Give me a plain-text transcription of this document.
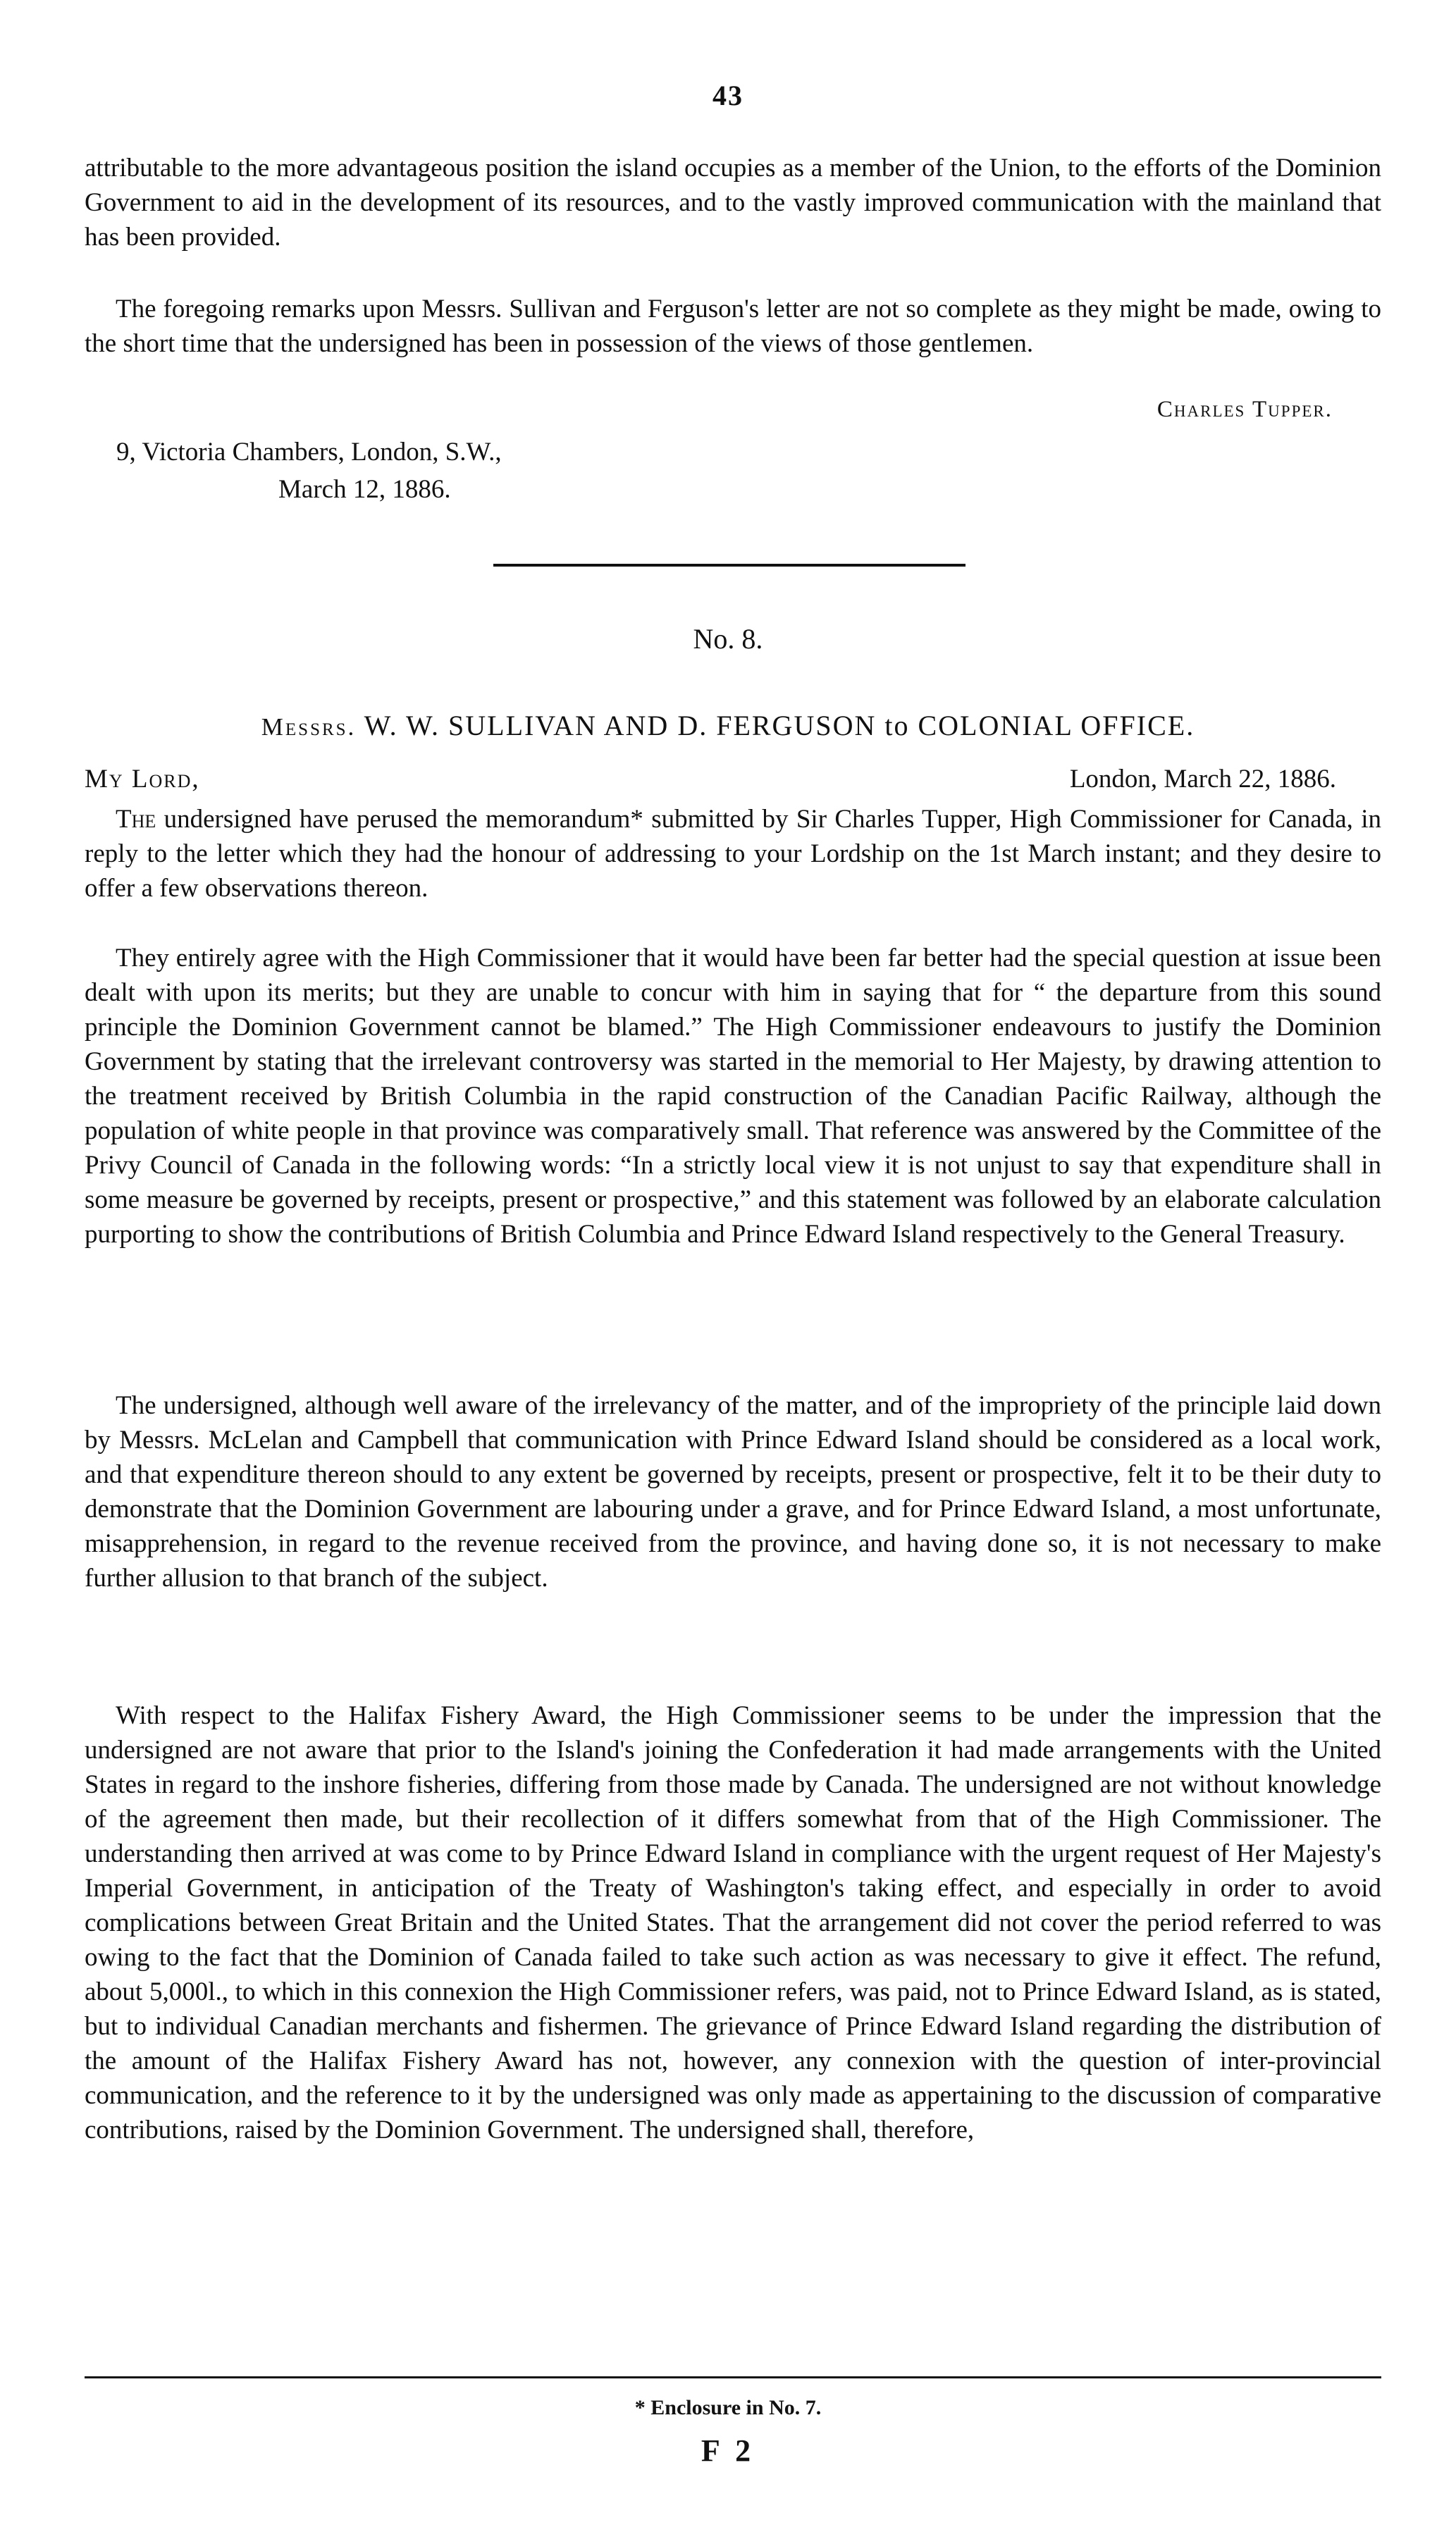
43

attributable to the more advantageous position the island occupies as a member of the Union, to the efforts of the Dominion Government to aid in the development of its resources, and to the vastly improved communication with the mainland that has been provided.

The foregoing remarks upon Messrs. Sullivan and Ferguson's letter are not so complete as they might be made, owing to the short time that the undersigned has been in possession of the views of those gentlemen.

Charles Tupper.
9, Victoria Chambers, London, S.W.,
March 12, 1886.
No. 8.
Messrs. W. W. SULLIVAN AND D. FERGUSON to COLONIAL OFFICE.
My Lord,	London, March 22, 1886.

The undersigned have perused the memorandum* submitted by Sir Charles Tupper, High Commissioner for Canada, in reply to the letter which they had the honour of addressing to your Lordship on the 1st March instant; and they desire to offer a few observations thereon.

They entirely agree with the High Commissioner that it would have been far better had the special question at issue been dealt with upon its merits; but they are unable to concur with him in saying that for “ the departure from this sound principle the Dominion Government cannot be blamed.” The High Commissioner endeavours to justify the Dominion Government by stating that the irrelevant controversy was started in the memorial to Her Majesty, by drawing attention to the treatment received by British Columbia in the rapid construction of the Canadian Pacific Railway, although the population of white people in that province was comparatively small. That reference was answered by the Committee of the Privy Council of Canada in the following words: “In a strictly local view it is not unjust to say that expenditure shall in some measure be governed by receipts, present or prospective,” and this statement was followed by an elaborate calculation purporting to show the contributions of British Columbia and Prince Edward Island respectively to the General Treasury.

The undersigned, although well aware of the irrelevancy of the matter, and of the impropriety of the principle laid down by Messrs. McLelan and Campbell that communication with Prince Edward Island should be considered as a local work, and that expenditure thereon should to any extent be governed by receipts, present or prospective, felt it to be their duty to demonstrate that the Dominion Government are labouring under a grave, and for Prince Edward Island, a most unfortunate, misapprehension, in regard to the revenue received from the province, and having done so, it is not necessary to make further allusion to that branch of the subject.

With respect to the Halifax Fishery Award, the High Commissioner seems to be under the impression that the undersigned are not aware that prior to the Island's joining the Confederation it had made arrangements with the United States in regard to the inshore fisheries, differing from those made by Canada. The undersigned are not without knowledge of the agreement then made, but their recollection of it differs somewhat from that of the High Commissioner. The understanding then arrived at was come to by Prince Edward Island in compliance with the urgent request of Her Majesty's Imperial Government, in anticipation of the Treaty of Washington's taking effect, and especially in order to avoid complications between Great Britain and the United States. That the arrangement did not cover the period referred to was owing to the fact that the Dominion of Canada failed to take such action as was necessary to give it effect. The refund, about 5,000l., to which in this connexion the High Commissioner refers, was paid, not to Prince Edward Island, as is stated, but to individual Canadian merchants and fishermen. The grievance of Prince Edward Island regarding the distribution of the amount of the Halifax Fishery Award has not, however, any connexion with the question of inter-provincial communication, and the reference to it by the undersigned was only made as appertaining to the discussion of comparative contributions, raised by the Dominion Government. The undersigned shall, therefore,

* Enclosure in No. 7.
F 2
